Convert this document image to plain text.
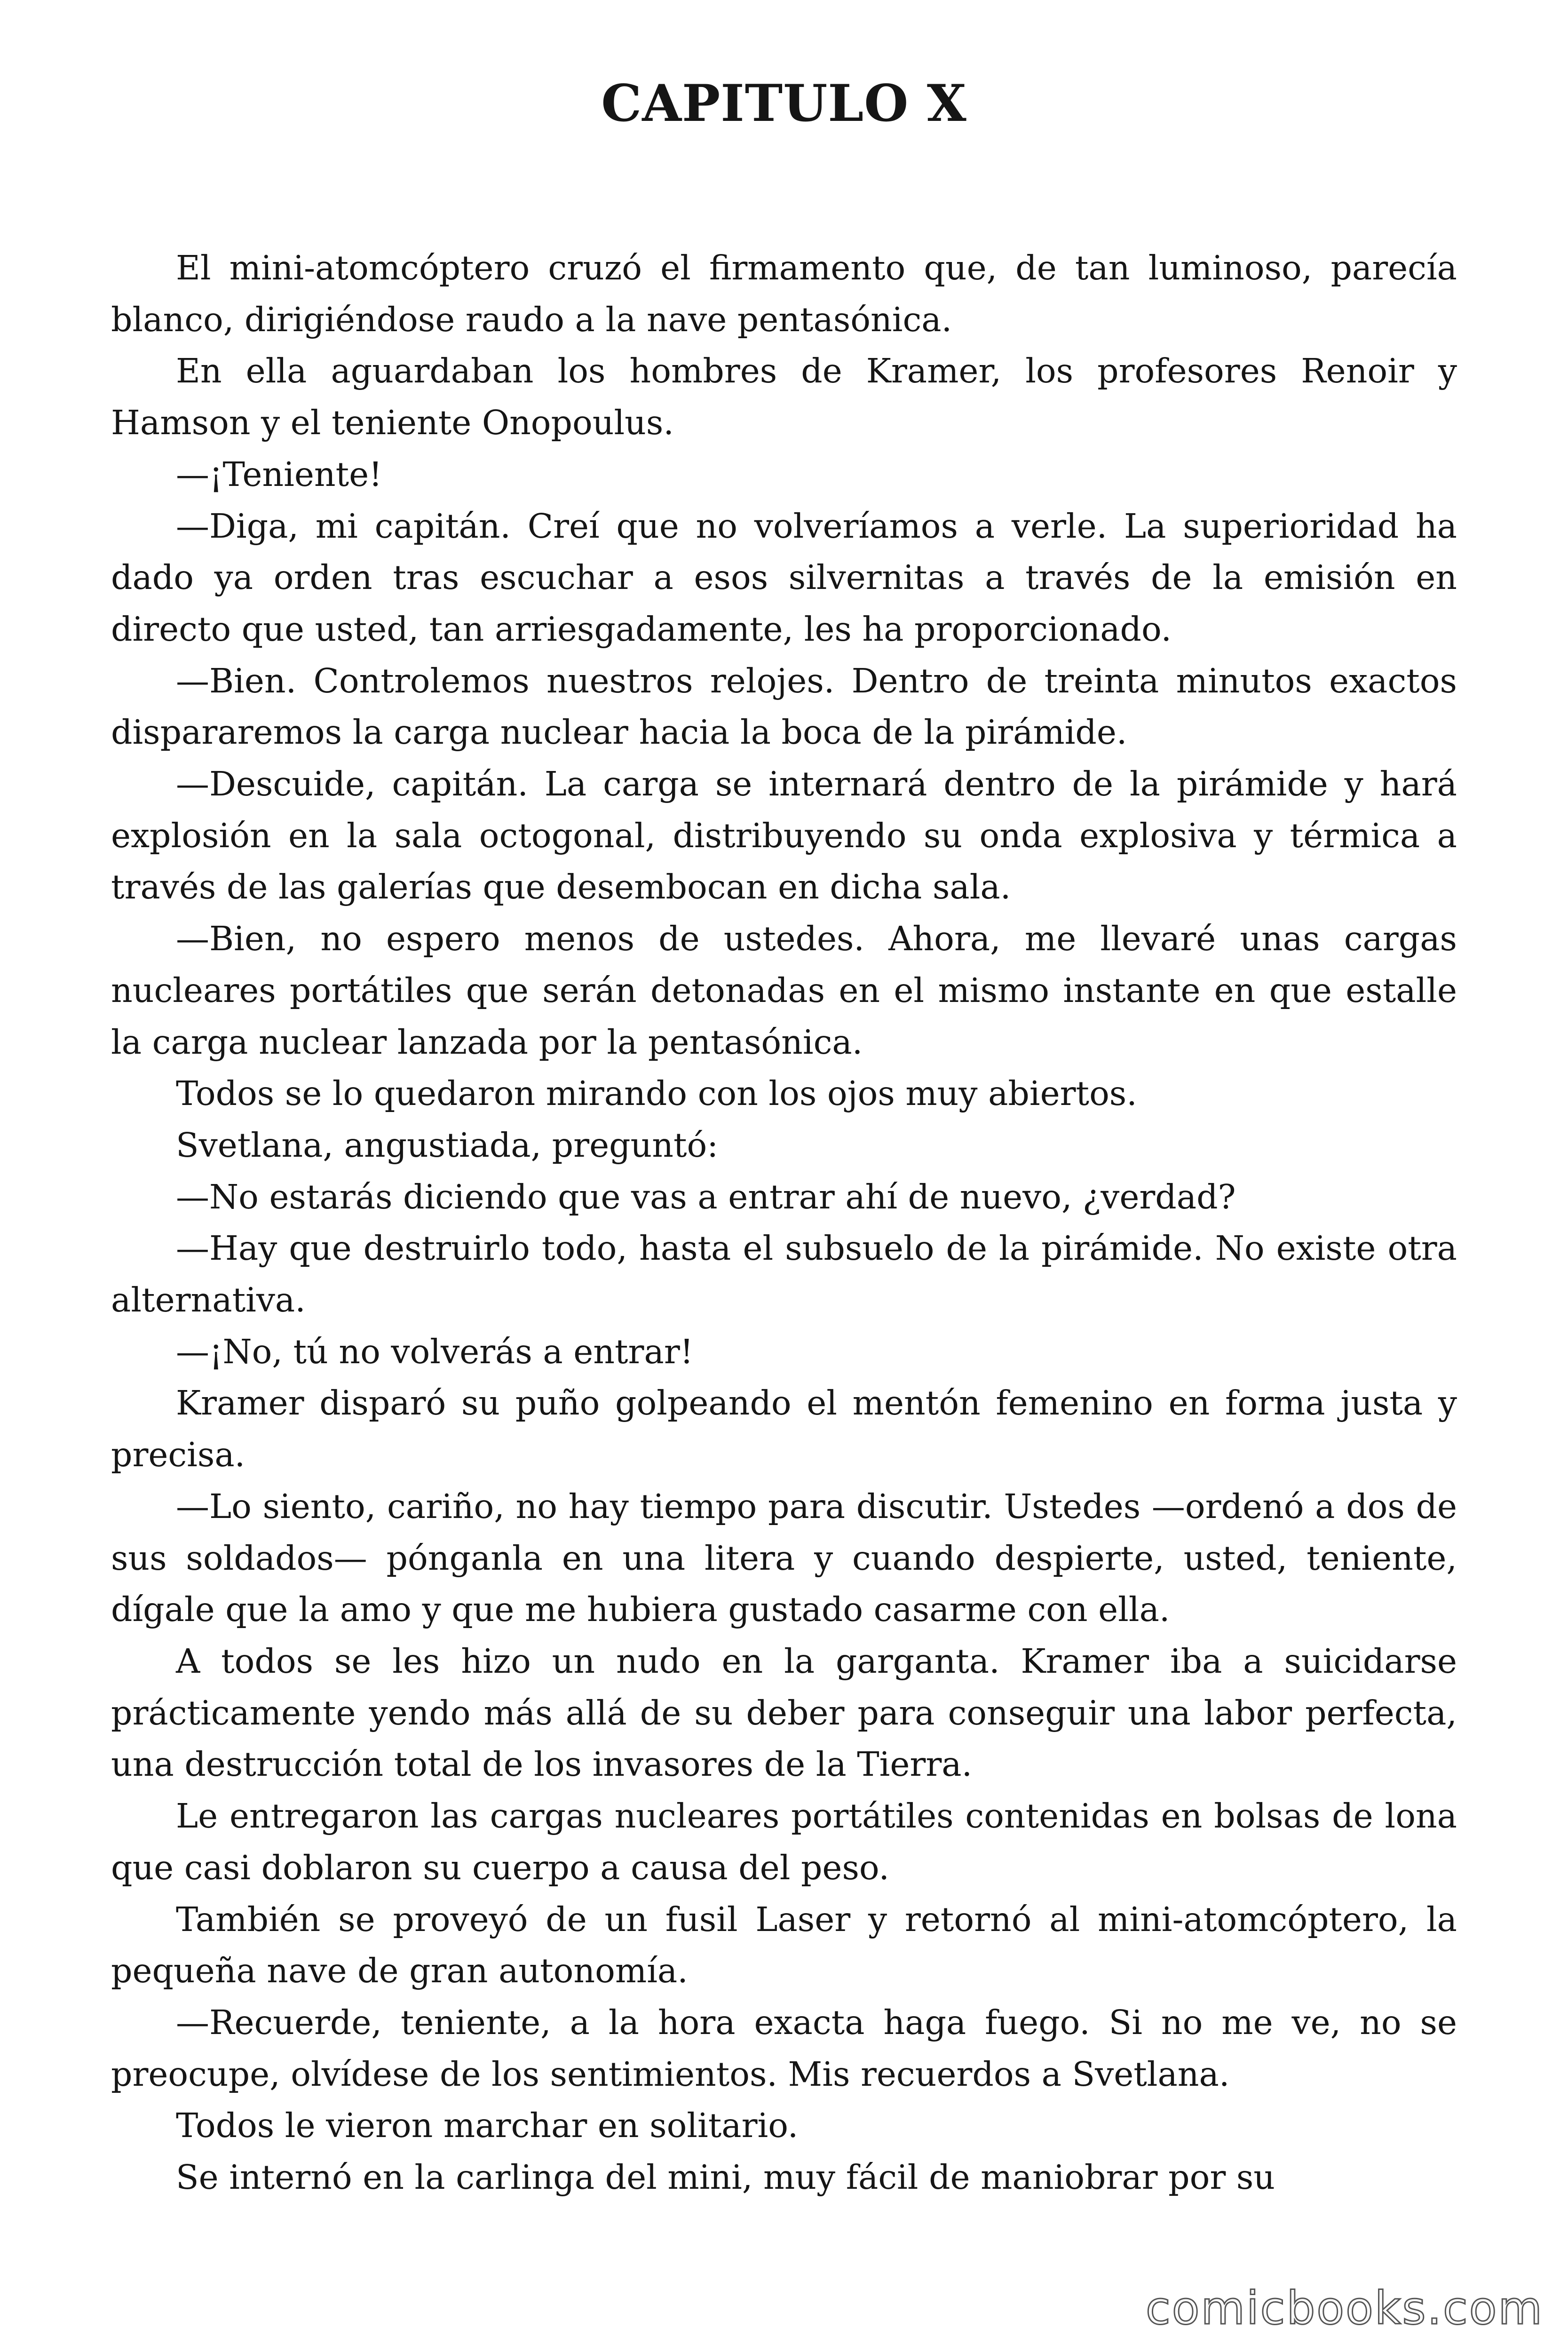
CAPITULO X

El mini-atomcóptero cruzó el firmamento que, de tan luminoso, parecía blanco, dirigiéndose raudo a la nave pentasónica.

En ella aguardaban los hombres de Kramer, los profesores Renoir y Hamson y el teniente Onopoulus.

—¡Teniente!

—Diga, mi capitán. Creí que no volveríamos a verle. La superioridad ha dado ya orden tras escuchar a esos silvernitas a través de la emisión en directo que usted, tan arriesgadamente, les ha proporcionado.

—Bien. Controlemos nuestros relojes. Dentro de treinta minutos exactos dispararemos la carga nuclear hacia la boca de la pirámide.

—Descuide, capitán. La carga se internará dentro de la pirámide y hará explosión en la sala octogonal, distribuyendo su onda explosiva y térmica a través de las galerías que desembocan en dicha sala.

—Bien, no espero menos de ustedes. Ahora, me llevaré unas cargas nucleares portátiles que serán detonadas en el mismo instante en que estalle la carga nuclear lanzada por la pentasónica.

Todos se lo quedaron mirando con los ojos muy abiertos.

Svetlana, angustiada, preguntó:

—No estarás diciendo que vas a entrar ahí de nuevo, ¿verdad?

—Hay que destruirlo todo, hasta el subsuelo de la pirámide. No existe otra alternativa.

—¡No, tú no volverás a entrar!

Kramer disparó su puño golpeando el mentón femenino en forma justa y precisa.

—Lo siento, cariño, no hay tiempo para discutir. Ustedes —ordenó a dos de sus soldados— pónganla en una litera y cuando despierte, usted, teniente, dígale que la amo y que me hubiera gustado casarme con ella.

A todos se les hizo un nudo en la garganta. Kramer iba a suicidarse prácticamente yendo más allá de su deber para conseguir una labor perfecta, una destrucción total de los invasores de la Tierra.

Le entregaron las cargas nucleares portátiles contenidas en bolsas de lona que casi doblaron su cuerpo a causa del peso.

También se proveyó de un fusil Laser y retornó al mini-atomcóptero, la pequeña nave de gran autonomía.

—Recuerde, teniente, a la hora exacta haga fuego. Si no me ve, no se preocupe, olvídese de los sentimientos. Mis recuerdos a Svetlana.

Todos le vieron marchar en solitario.

Se internó en la carlinga del mini, muy fácil de maniobrar por su

comicbooks.com
